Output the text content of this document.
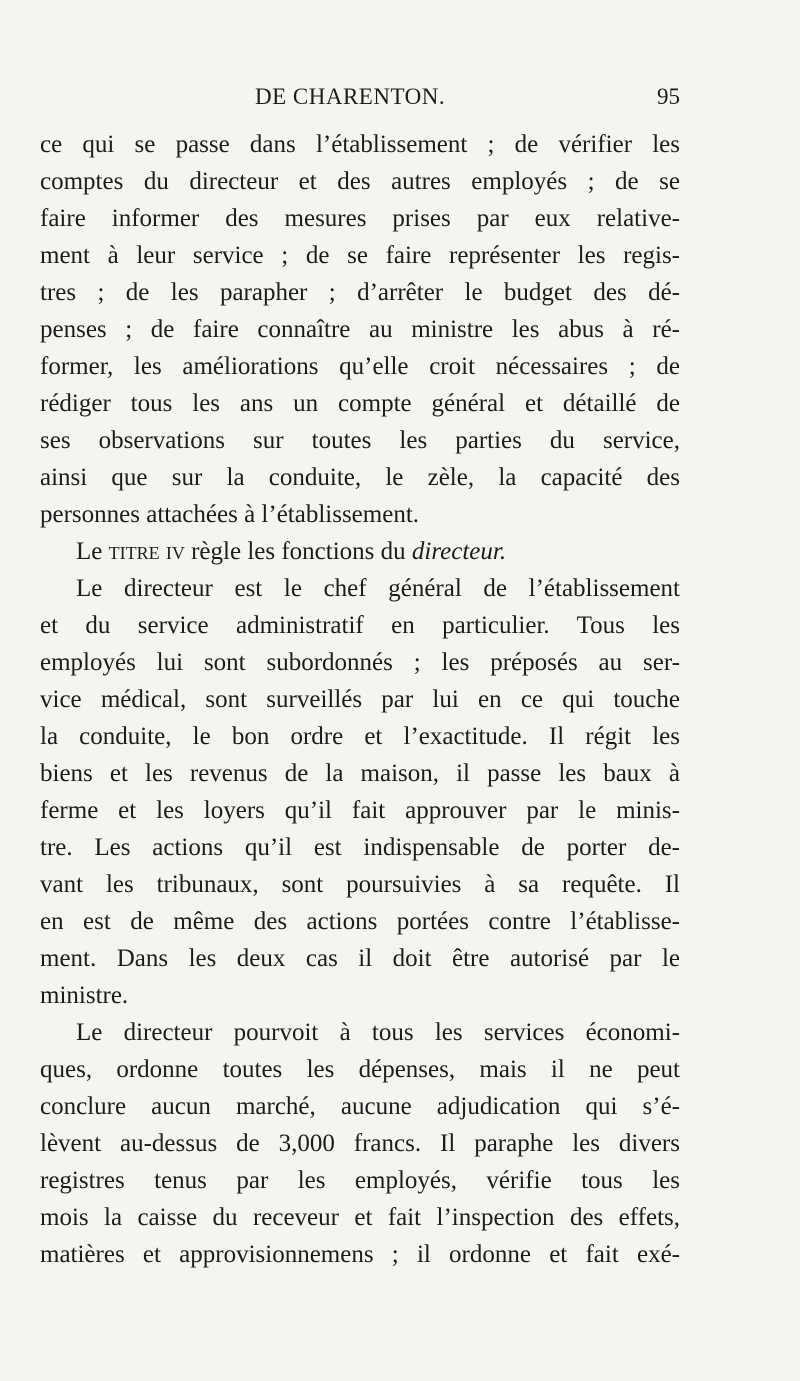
DE CHARENTON.	95
ce qui se passe dans l’établissement ; de vérifier les
comptes du directeur et des autres employés ; de se
faire informer des mesures prises par eux relative-
ment à leur service ; de se faire représenter les regis-
tres ; de les parapher ; d’arrêter le budget des dé-
penses ; de faire connaître au ministre les abus à ré-
former, les améliorations qu’elle croit nécessaires ; de
rédiger tous les ans un compte général et détaillé de
ses observations sur toutes les parties du service,
ainsi que sur la conduite, le zèle, la capacité des
personnes attachées à l’établissement.
Le titre iv règle les fonctions du directeur.
Le directeur est le chef général de l’établissement
et du service administratif en particulier. Tous les
employés lui sont subordonnés ; les préposés au ser-
vice médical, sont surveillés par lui en ce qui touche
la conduite, le bon ordre et l’exactitude. Il régit les
biens et les revenus de la maison, il passe les baux à
ferme et les loyers qu’il fait approuver par le minis-
tre. Les actions qu’il est indispensable de porter de-
vant les tribunaux, sont poursuivies à sa requête. Il
en est de même des actions portées contre l’établisse-
ment. Dans les deux cas il doit être autorisé par le
ministre.
Le directeur pourvoit à tous les services économi-
ques, ordonne toutes les dépenses, mais il ne peut
conclure aucun marché, aucune adjudication qui s’é-
lèvent au-dessus de 3,000 francs. Il paraphe les divers
registres tenus par les employés, vérifie tous les
mois la caisse du receveur et fait l’inspection des effets,
matières et approvisionnemens ; il ordonne et fait exé-
